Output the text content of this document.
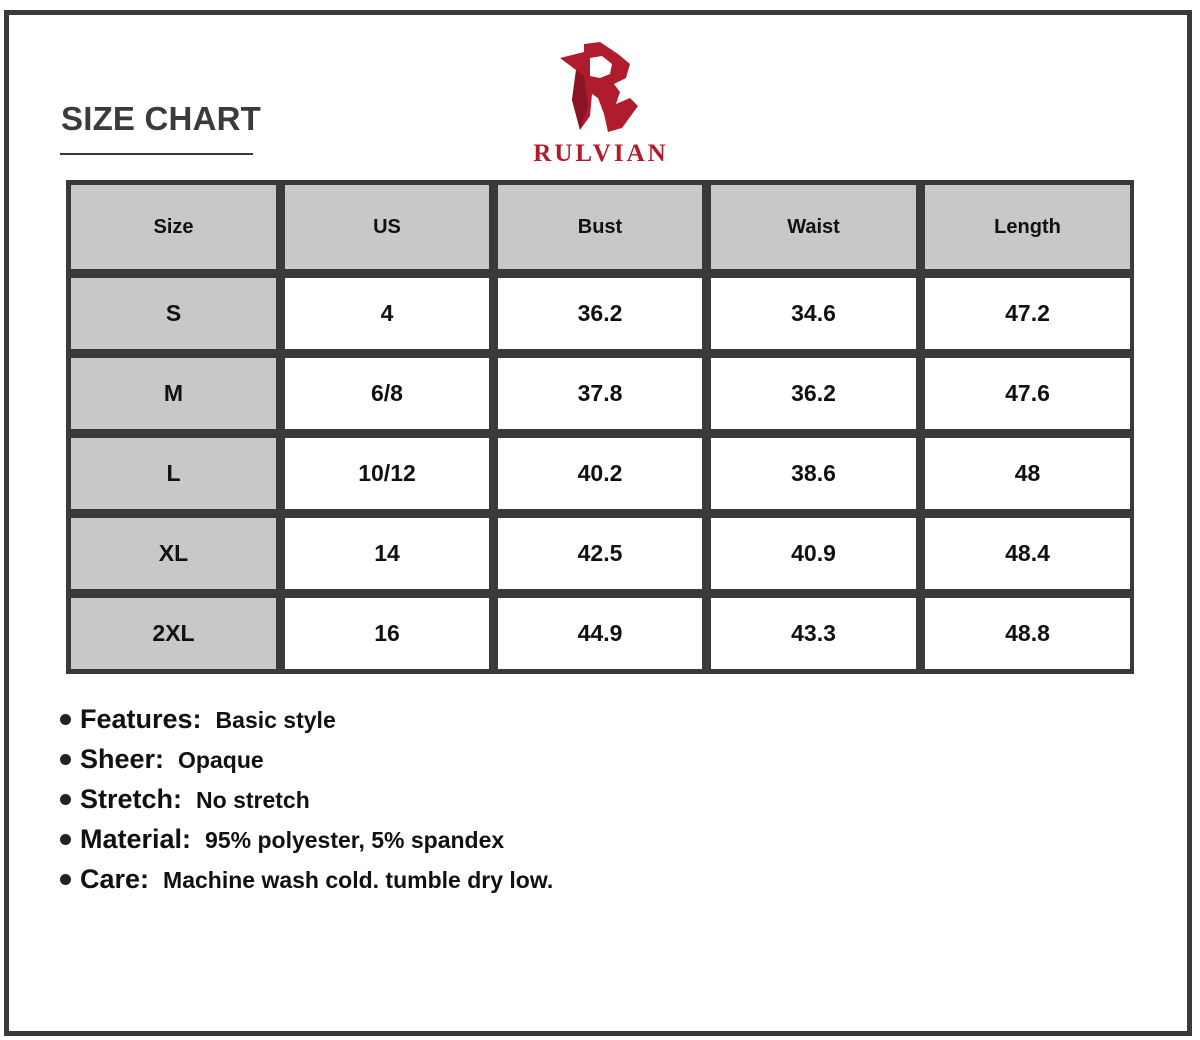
SIZE CHART
RULVIAN
Size	US	Bust	Waist	Length
S	4	36.2	34.6	47.2
M	6/8	37.8	36.2	47.6
L	10/12	40.2	38.6	48
XL	14	42.5	40.9	48.4
2XL	16	44.9	43.3	48.8
Features: Basic style
Sheer: Opaque
Stretch: No stretch
Material: 95% polyester, 5% spandex
Care: Machine wash cold. tumble dry low.
